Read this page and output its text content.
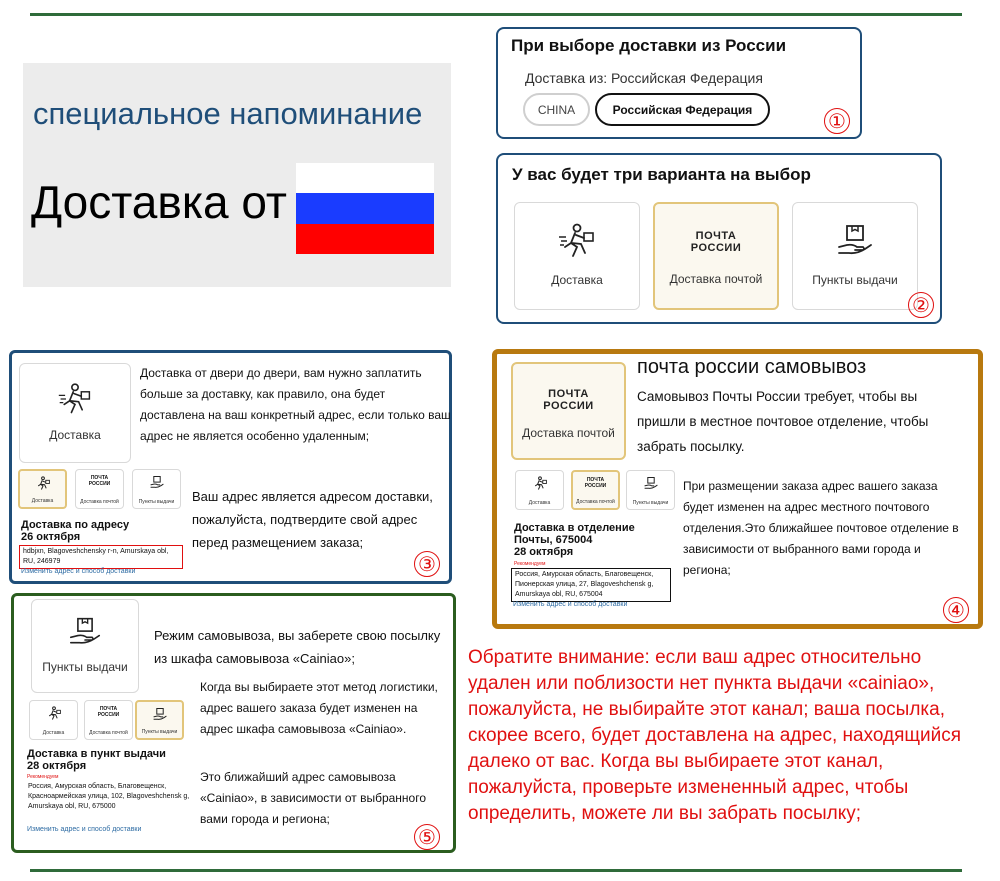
специальное напоминание
Доставка от
При выборе доставки из России
Доставка из: Российская Федерация
CHINA	Российская Федерация	①
У вас будет три варианта на выбор
Доставка
ПОЧТА
РОССИИ
Доставка почтой	Пункты выдачи
②
Доставка
Доставка от двери до двери, вам нужно заплатить больше за доставку, как правило, она будет доставлена на ваш конкретный адрес, если только ваш адрес не является особенно удаленным;
Доставка
ПОЧТА
РОССИИ
Доставка почтой	Пункты выдачи
Доставка по адресу
26 октября
hdbjxn, Blagoveshchensky г-n, Amurskaya obl, RU, 246979
Изменить адрес и способ доставки
Ваш адрес является адресом доставки, пожалуйста, подтвердите свой адрес перед размещением заказа;
③
почта россии самовывоз
ПОЧТА
РОССИИ
Доставка почтой
Самовывоз Почты России требует, чтобы вы пришли в местное почтовое отделение, чтобы забрать посылку.
Доставка
ПОЧТА
РОССИИ
Доставка почтой	Пункты выдачи
Доставка в отделение
Почты, 675004
28 октября
Рекомендуем
Россия, Амурская область, Благовещенск, Пионерская улица, 27, Blagoveshchensk g, Amurskaya obl, RU, 675004
Изменить адрес и способ доставки
При размещении заказа адрес вашего заказа будет изменен на адрес местного почтового отделения.Это ближайшее почтовое отделение в зависимости от выбранного вами города и региона;
④
Пункты выдачи
Режим самовывоза, вы заберете свою посылку из шкафа самовывоза «Cainiao»;
Доставка
ПОЧТА
РОССИИ
Доставка почтой	Пункты выдачи
Доставка в пункт выдачи
28 октября
Рекомендуем
Россия, Амурская область, Благовещенск, Красноармейская улица, 102, Blagoveshchensk g, Amurskaya obl, RU, 675000
Изменить адрес и способ доставки
Когда вы выбираете этот метод логистики, адрес вашего заказа будет изменен на адрес шкафа самовывоза «Cainiao».
Это ближайший адрес самовывоза «Cainiao», в зависимости от выбранного вами города и региона;
⑤
Обратите внимание: если ваш адрес относительно удален или поблизости нет пункта выдачи «cainiao», пожалуйста, не выбирайте этот канал; ваша посылка, скорее всего, будет доставлена на адрес, находящийся далеко от вас. Когда вы выбираете этот канал, пожалуйста, проверьте измененный адрес, чтобы определить, можете ли вы забрать посылку;
